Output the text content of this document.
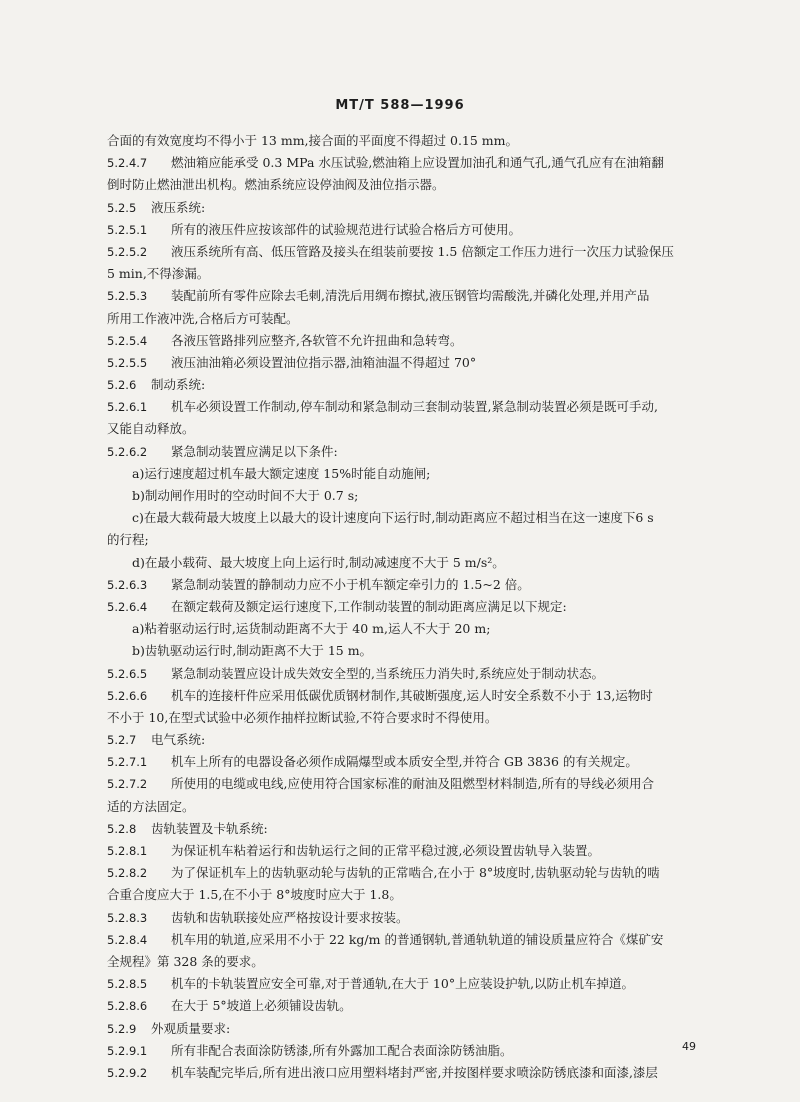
MT/T 588—1996
合面的有效宽度均不得小于 13 mm,接合面的平面度不得超过 0.15 mm。
5.2.4.7 燃油箱应能承受 0.3 MPa 水压试验,燃油箱上应设置加油孔和通气孔,通气孔应有在油箱翻
倒时防止燃油泄出机构。燃油系统应设停油阀及油位指示器。
5.2.5 液压系统:
5.2.5.1 所有的液压件应按该部件的试验规范进行试验合格后方可使用。
5.2.5.2 液压系统所有高、低压管路及接头在组装前要按 1.5 倍额定工作压力进行一次压力试验保压
5 min,不得渗漏。
5.2.5.3 装配前所有零件应除去毛刺,清洗后用绸布擦拭,液压钢管均需酸洗,并磷化处理,并用产品
所用工作液冲洗,合格后方可装配。
5.2.5.4 各液压管路排列应整齐,各软管不允许扭曲和急转弯。
5.2.5.5 液压油油箱必须设置油位指示器,油箱油温不得超过 70°
5.2.6 制动系统:
5.2.6.1 机车必须设置工作制动,停车制动和紧急制动三套制动装置,紧急制动装置必须是既可手动,
又能自动释放。
5.2.6.2 紧急制动装置应满足以下条件:
a)运行速度超过机车最大额定速度 15%时能自动施闸;
b)制动闸作用时的空动时间不大于 0.7 s;
c)在最大载荷最大坡度上以最大的设计速度向下运行时,制动距离应不超过相当在这一速度下6 s
的行程;
d)在最小载荷、最大坡度上向上运行时,制动减速度不大于 5 m/s²。
5.2.6.3 紧急制动装置的静制动力应不小于机车额定牵引力的 1.5~2 倍。
5.2.6.4 在额定载荷及额定运行速度下,工作制动装置的制动距离应满足以下规定:
a)粘着驱动运行时,运货制动距离不大于 40 m,运人不大于 20 m;
b)齿轨驱动运行时,制动距离不大于 15 m。
5.2.6.5 紧急制动装置应设计成失效安全型的,当系统压力消失时,系统应处于制动状态。
5.2.6.6 机车的连接杆件应采用低碳优质钢材制作,其破断强度,运人时安全系数不小于 13,运物时
不小于 10,在型式试验中必须作抽样拉断试验,不符合要求时不得使用。
5.2.7 电气系统:
5.2.7.1 机车上所有的电器设备必须作成隔爆型或本质安全型,并符合 GB 3836 的有关规定。
5.2.7.2 所使用的电缆或电线,应使用符合国家标准的耐油及阻燃型材料制造,所有的导线必须用合
适的方法固定。
5.2.8 齿轨装置及卡轨系统:
5.2.8.1 为保证机车粘着运行和齿轨运行之间的正常平稳过渡,必须设置齿轨导入装置。
5.2.8.2 为了保证机车上的齿轨驱动轮与齿轨的正常啮合,在小于 8°坡度时,齿轨驱动轮与齿轨的啮
合重合度应大于 1.5,在不小于 8°坡度时应大于 1.8。
5.2.8.3 齿轨和齿轨联接处应严格按设计要求按装。
5.2.8.4 机车用的轨道,应采用不小于 22 kg/m 的普通钢轨,普通轨轨道的铺设质量应符合《煤矿安
全规程》第 328 条的要求。
5.2.8.5 机车的卡轨装置应安全可靠,对于普通轨,在大于 10°上应装设护轨,以防止机车掉道。
5.2.8.6 在大于 5°坡道上必须铺设齿轨。
5.2.9 外观质量要求:
5.2.9.1 所有非配合表面涂防锈漆,所有外露加工配合表面涂防锈油脂。
5.2.9.2 机车装配完毕后,所有进出液口应用塑料堵封严密,并按图样要求喷涂防锈底漆和面漆,漆层
49
